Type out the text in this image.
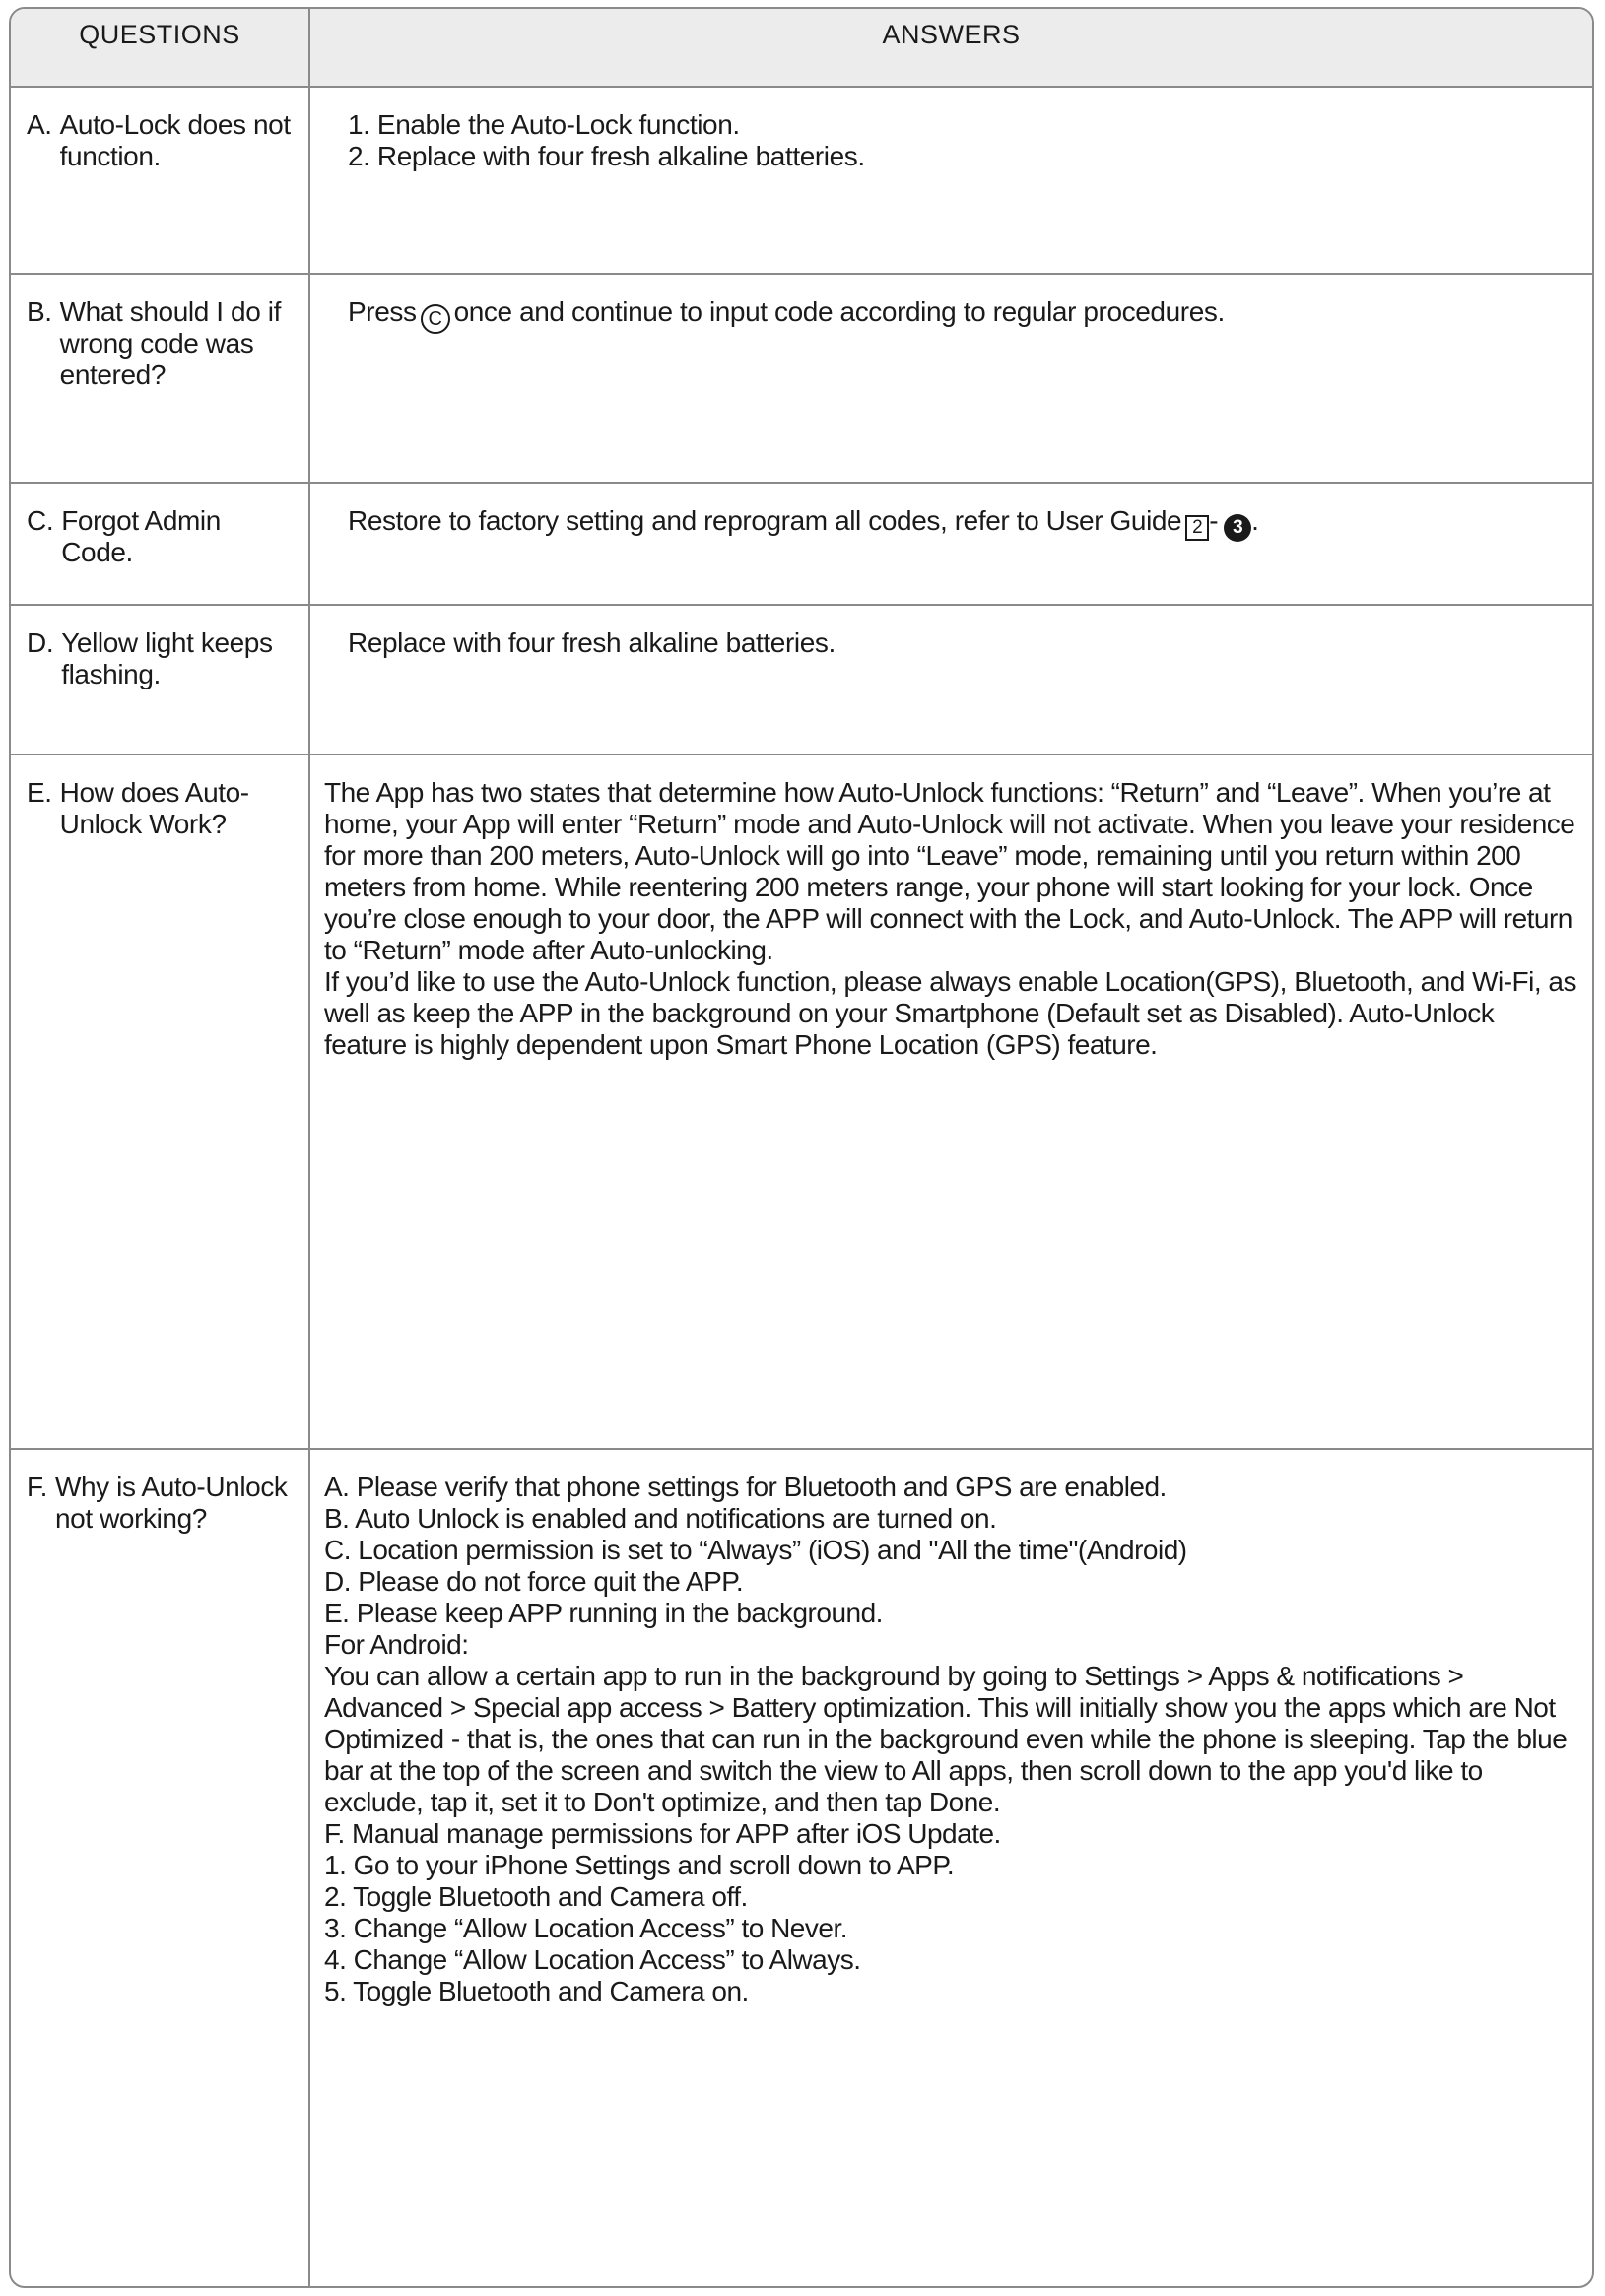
QUESTIONS	ANSWERS
A. Auto-Lock does not function.
1. Enable the Auto-Lock function.
2. Replace with four fresh alkaline batteries.
B. What should I do if wrong code was entered?
Press C once and continue to input code according to regular procedures.
C. Forgot Admin Code.
Restore to factory setting and reprogram all codes, refer to User Guide 2 - 3 .
D. Yellow light keeps flashing.
Replace with four fresh alkaline batteries.
E. How does Auto-Unlock Work?
The App has two states that determine how Auto-Unlock functions: “Return” and “Leave”. When you’re at home, your App will enter “Return” mode and Auto-Unlock will not activate. When you leave your residence for more than 200 meters, Auto-Unlock will go into “Leave” mode, remaining until you return within 200 meters from home. While reentering 200 meters range, your phone will start looking for your lock. Once you’re close enough to your door, the APP will connect with the Lock, and Auto-Unlock. The APP will return to “Return” mode after Auto-unlocking.
If you’d like to use the Auto-Unlock function, please always enable Location(GPS), Bluetooth, and Wi-Fi, as well as keep the APP in the background on your Smartphone (Default set as Disabled). Auto-Unlock feature is highly dependent upon Smart Phone Location (GPS) feature.
F. Why is Auto-Unlock not working?
A. Please verify that phone settings for Bluetooth and GPS are enabled.
B. Auto Unlock is enabled and notifications are turned on.
C. Location permission is set to “Always” (iOS) and "All the time"(Android)
D. Please do not force quit the APP.
E. Please keep APP running in the background.
For Android:
You can allow a certain app to run in the background by going to Settings > Apps & notifications > Advanced > Special app access > Battery optimization. This will initially show you the apps which are Not Optimized - that is, the ones that can run in the background even while the phone is sleeping. Tap the blue bar at the top of the screen and switch the view to All apps, then scroll down to the app you'd like to exclude, tap it, set it to Don't optimize, and then tap Done.
F. Manual manage permissions for APP after iOS Update.
1. Go to your iPhone Settings and scroll down to APP.
2. Toggle Bluetooth and Camera off.
3. Change “Allow Location Access” to Never.
4. Change “Allow Location Access” to Always.
5. Toggle Bluetooth and Camera on.
